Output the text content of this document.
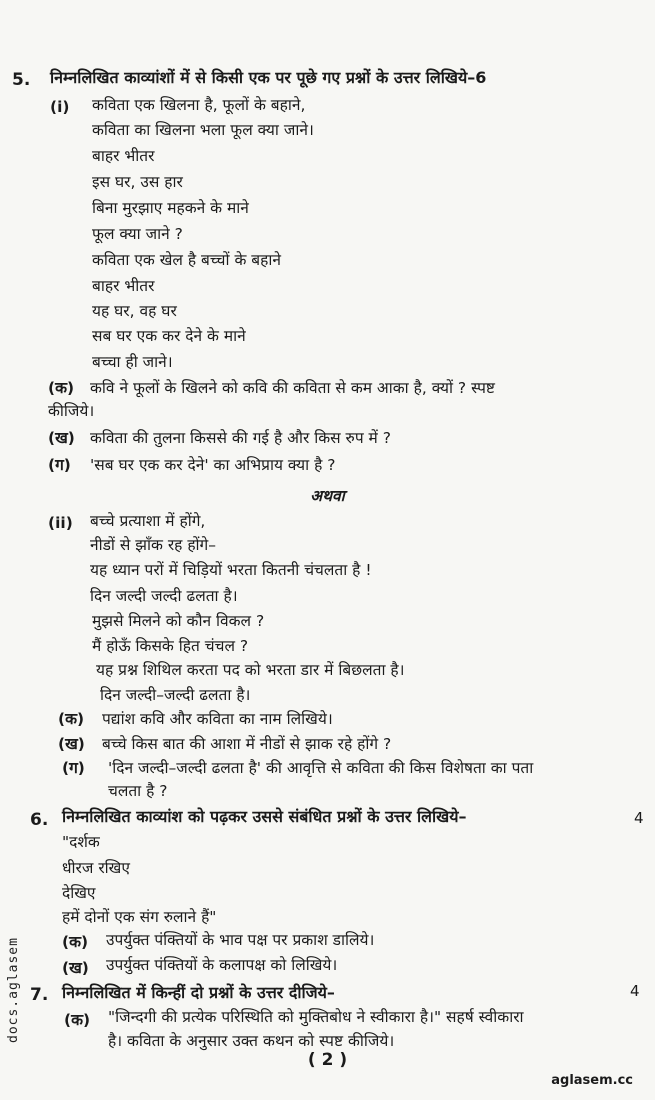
5. निम्नलिखित काव्यांशों में से किसी एक पर पूछे गए प्रश्नों के उत्तर लिखिये–6
(i) कविता एक खिलना है, फूलों के बहाने,
कविता का खिलना भला फूल क्या जाने।
बाहर भीतर
इस घर, उस हार
बिना मुरझाए महकने के माने
फूल क्या जाने ?
कविता एक खेल है बच्चों के बहाने
बाहर भीतर
यह घर, वह घर
सब घर एक कर देने के माने
बच्चा ही जाने।
(क) कवि ने फूलों के खिलने को कवि की कविता से कम आका है, क्यों ? स्पष्ट
कीजिये।
(ख) कविता की तुलना किससे की गई है और किस रुप में ?
(ग) 'सब घर एक कर देने' का अभिप्राय क्या है ?
अथवा
(ii) बच्चे प्रत्याशा में होंगे,
नीडों से झाँक रह होंगे–
यह ध्यान परों में चिड़ियों भरता कितनी चंचलता है !
दिन जल्दी जल्दी ढलता है।
मुझसे मिलने को कौन विकल ?
मैं होऊँ किसके हित चंचल ?
यह प्रश्न शिथिल करता पद को भरता डार में बिछलता है।
दिन जल्दी–जल्दी ढलता है।
(क) पद्यांश कवि और कविता का नाम लिखिये।
(ख) बच्चे किस बात की आशा में नीडों से झाक रहे होंगे ?
(ग) 'दिन जल्दी–जल्दी ढलता है' की आवृत्ति से कविता की किस विशेषता का पता
चलता है ?
6. निम्नलिखित काव्यांश को पढ़कर उससे संबंधित प्रश्नों के उत्तर लिखिये–	4
"दर्शक
धीरज रखिए
देखिए
हमें दोनों एक संग रुलाने हैं"
(क) उपर्युक्त पंक्तियों के भाव पक्ष पर प्रकाश डालिये।
(ख) उपर्युक्त पंक्तियों के कलापक्ष को लिखिये।
7. निम्नलिखित में किन्हीं दो प्रश्नों के उत्तर दीजिये–	4
(क) "जिन्दगी की प्रत्येक परिस्थिति को मुक्तिबोध ने स्वीकारा है।" सहर्ष स्वीकारा
है। कविता के अनुसार उक्त कथन को स्पष्ट कीजिये।
( 2 )
docs.aglasem
aglasem.cc
